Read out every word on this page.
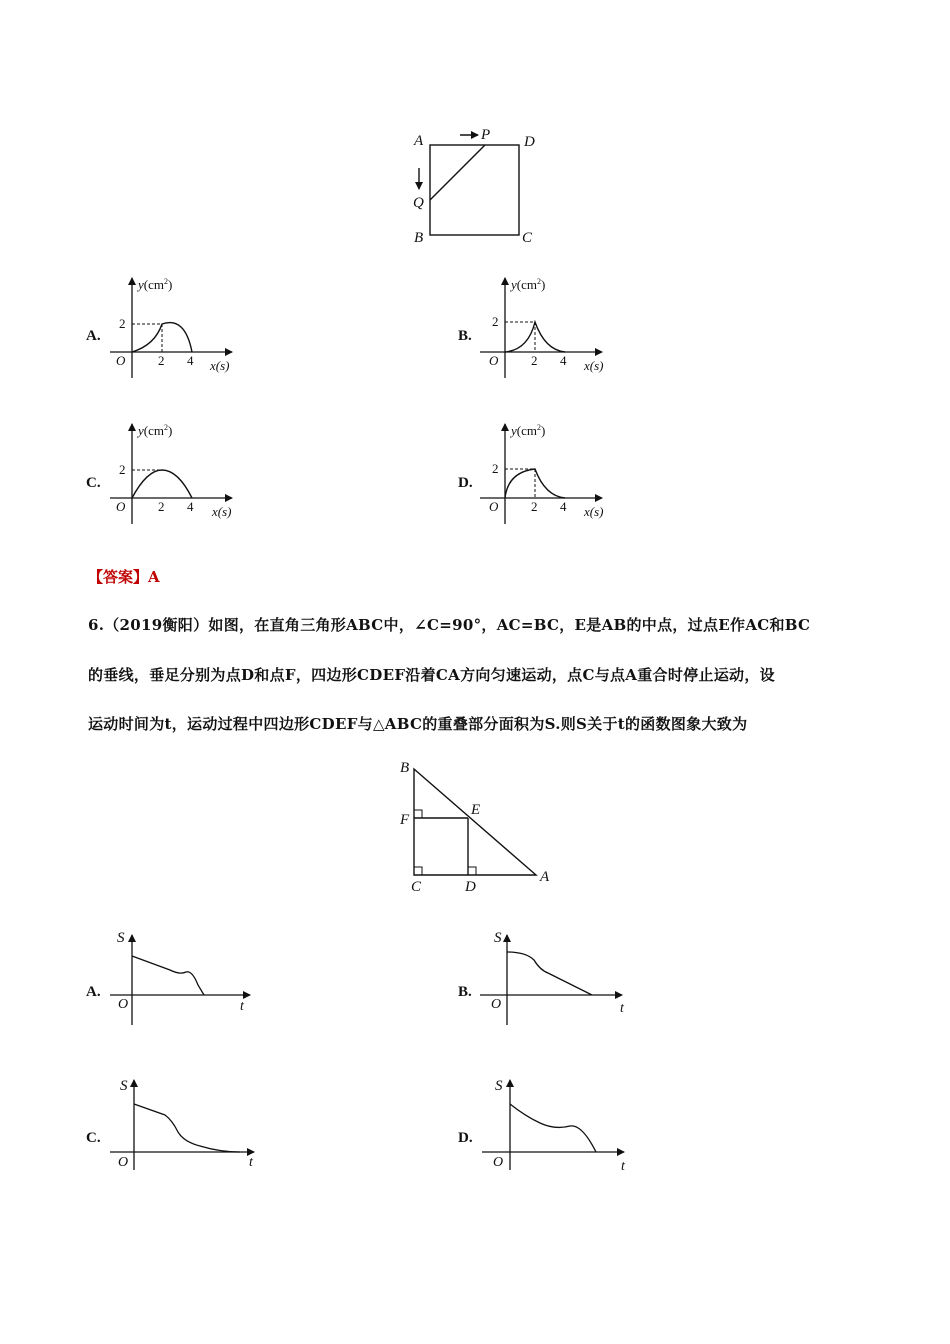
A	P D
Q
B	C
A.
$y(cm^2)$
2
O	2 4 x(s)
B.
$y(cm^2)$
2
O	2 4 x(s)
C.
$y(cm^2)$
2
O	2 4 x(s)
D.
$y(cm^2)$
2
O	2 4 x(s)
B
F
E
C	D
A
A.
S
O	t
B.
S
O	t
C.
S
O	t
D.
S
O	t
【答案】A
6.（2019衡阳）如图，在直角三角形ABC中，∠C=90°，AC=BC，E是AB的中点，过点E作AC和BC
的垂线，垂足分别为点D和点F，四边形CDEF沿着CA方向匀速运动，点C与点A重合时停止运动，设
运动时间为t，运动过程中四边形CDEF与△ABC的重叠部分面积为S.则S关于t的函数图象大致为
